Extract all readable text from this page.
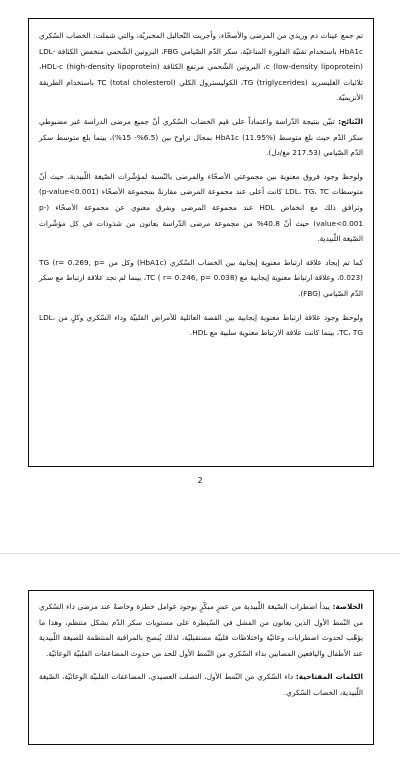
تم جمع عينات دم وريدي من المرضى والأصحّاء، وأجريت التّحاليل المخبريّة، والتي شملت: الخضاب السّكري HbA1c باستخدام تقنيّة الفلورة المناعيّة، سكر الدّم الصّيامي FBG، البروتين الشّحمي منخفض الكثافة LDL-c (low-density lipoprotein)، البروتين الشّحمي مرتفع الكثافة HDL-c (high-density lipoprotein)، ثلاثيات الغليسريد TG (triglycerides)، الكوليسترول الكلي TC (total cholesterol) باستخدام الطريقة الأنزيميّة.

النّتائج: تبيّن بنتيجة الدّراسة واعتماداً على قيم الخضاب السّكري أنّ جميع مرضى الدراسة غير مضبوطي سكر الدّم حيث بلغ متوسط HbA1c (11.95%) بمجال تراوح بين (6.5%- 15%)، بينما بلغ متوسط سكر الدّم الصّيامي (217.53 مغ/دل).

ولوحظ وجود فروق معنوية بين مجموعتي الأصحّاء والمرضى بالنّسبة لمؤشّرات الصّيغة اللّبيدية، حيث أنّ متوسطات LDL، TG، TC كانت أعلى عند مجموعة المرضى مقارنةً بمجموعة الأصحّاء (p-value<0.001) وترافق ذلك مع انخفاض HDL عند مجموعة المرضى وبفرق معنوي عن مجموعة الأصحّاء (p-value<0.001) حيث أنّ 40.8% من مجموعة مرضى الدّراسة يعانون من شذوذات في كل مؤشّرات الصّيغة اللّبيدية.

كما تم إيجاد علاقة ارتباط معنوية إيجابية بين الخضاب السّكري (HbA1c) وكل من TG (r= 0.269, p= 0.023)، وعلاقة ارتباط معنوية إيجابية مع TC ( r= 0.246, p= 0.038)، بينما لم نجد علاقة ارتباط مع سكر الدّم الصّيامي (FBG).

ولوحظ وجود علاقة ارتباط معنوية إيجابية بين القصة العائلية للأمراض القلبيّة وداء السّكري وكلٍ من LDL، TC، TG، بينما كانت علاقة الارتباط معنوية سلبية مع HDL.

2

الخلاصة: يبدأ اضطراب الصّيغة اللّبيدية من عمرٍ مبكّرٍ بوجود عوامل خطرة وخاصةً عند مرضى داء السّكري من النّمط الأول الذين يعانون من الفشل في السّيطرة على مستويات سكر الدّم بشكل منتظم، وهذا ما يؤهّب لحدوث اضطرابات وعائيّة واختلاطات قلبيّة مستقبليّة، لذلك يُنصح بالمراقبة المنتظمة للصيغة اللّبيدية عند الأطفال واليافعين المصابين بداء السّكري من النّمط الأول للحد من حدوث المضاعفات القلبيّة الوعائيّة.

الكلمات المفتاحية: داء السّكري من النّمط الأول، التصلب العصيدي، المضاعفات القلبيّة الوعائيّة، الصّيغة اللّبيدية، الخضاب السّكري.
